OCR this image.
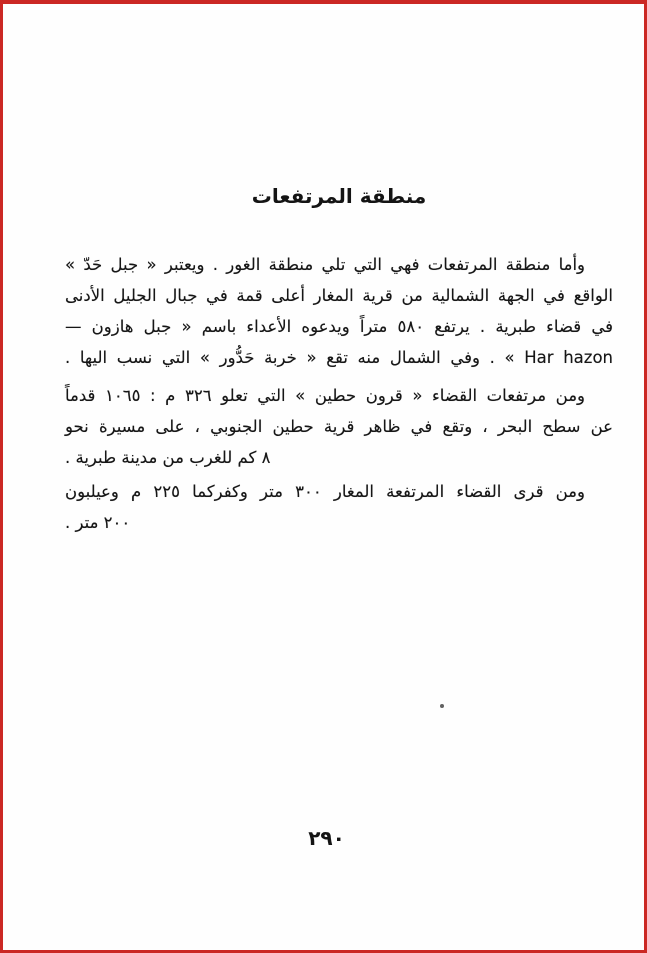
منطقة المرتفعات
وأما منطقة المرتفعات فهي التي تلي منطقة الغور . ويعتبر « جبل حَدّ »
الواقع في الجهة الشمالية من قرية المغار أعلى قمة في جبال الجليل الأدنى
في قضاء طبرية . يرتفع ٥٨٠ متراً ويدعوه الأعداء باسم « جبل هازون —
Har hazon » . وفي الشمال منه تقع « خربة حَدُّور » التي نسب اليها .
ومن مرتفعات القضاء « قرون حطين » التي تعلو ٣٢٦ م : ١٠٦٥ قدماً
عن سطح البحر ، وتقع في ظاهر قرية حطين الجنوبي ، على مسيرة نحو
٨ كم للغرب من مدينة طبرية .
ومن قرى القضاء المرتفعة المغار ٣٠٠ متر وكفركما ٢٢٥ م وعيلبون
٢٠٠ متر .
٢٩٠
